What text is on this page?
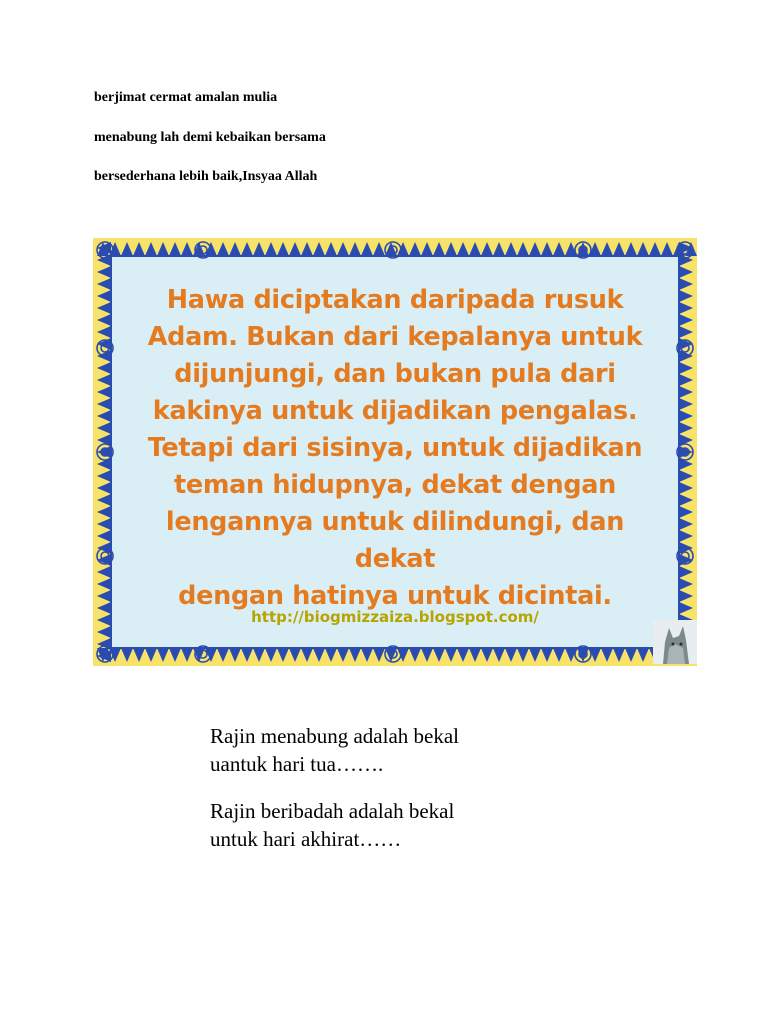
berjimat cermat amalan mulia

menabung lah demi kebaikan bersama

bersederhana lebih baik,Insyaa Allah

Hawa diciptakan daripada rusuk
Adam. Bukan dari kepalanya untuk
dijunjungi, dan bukan pula dari
kakinya untuk dijadikan pengalas.
Tetapi dari sisinya, untuk dijadikan
teman hidupnya, dekat dengan
lengannya untuk dilindungi, dan dekat
dengan hatinya untuk dicintai.

http://biogmizzaiza.blogspot.com/

Rajin menabung adalah bekal
uantuk hari tua…….

Rajin beribadah adalah bekal
untuk hari akhirat……
